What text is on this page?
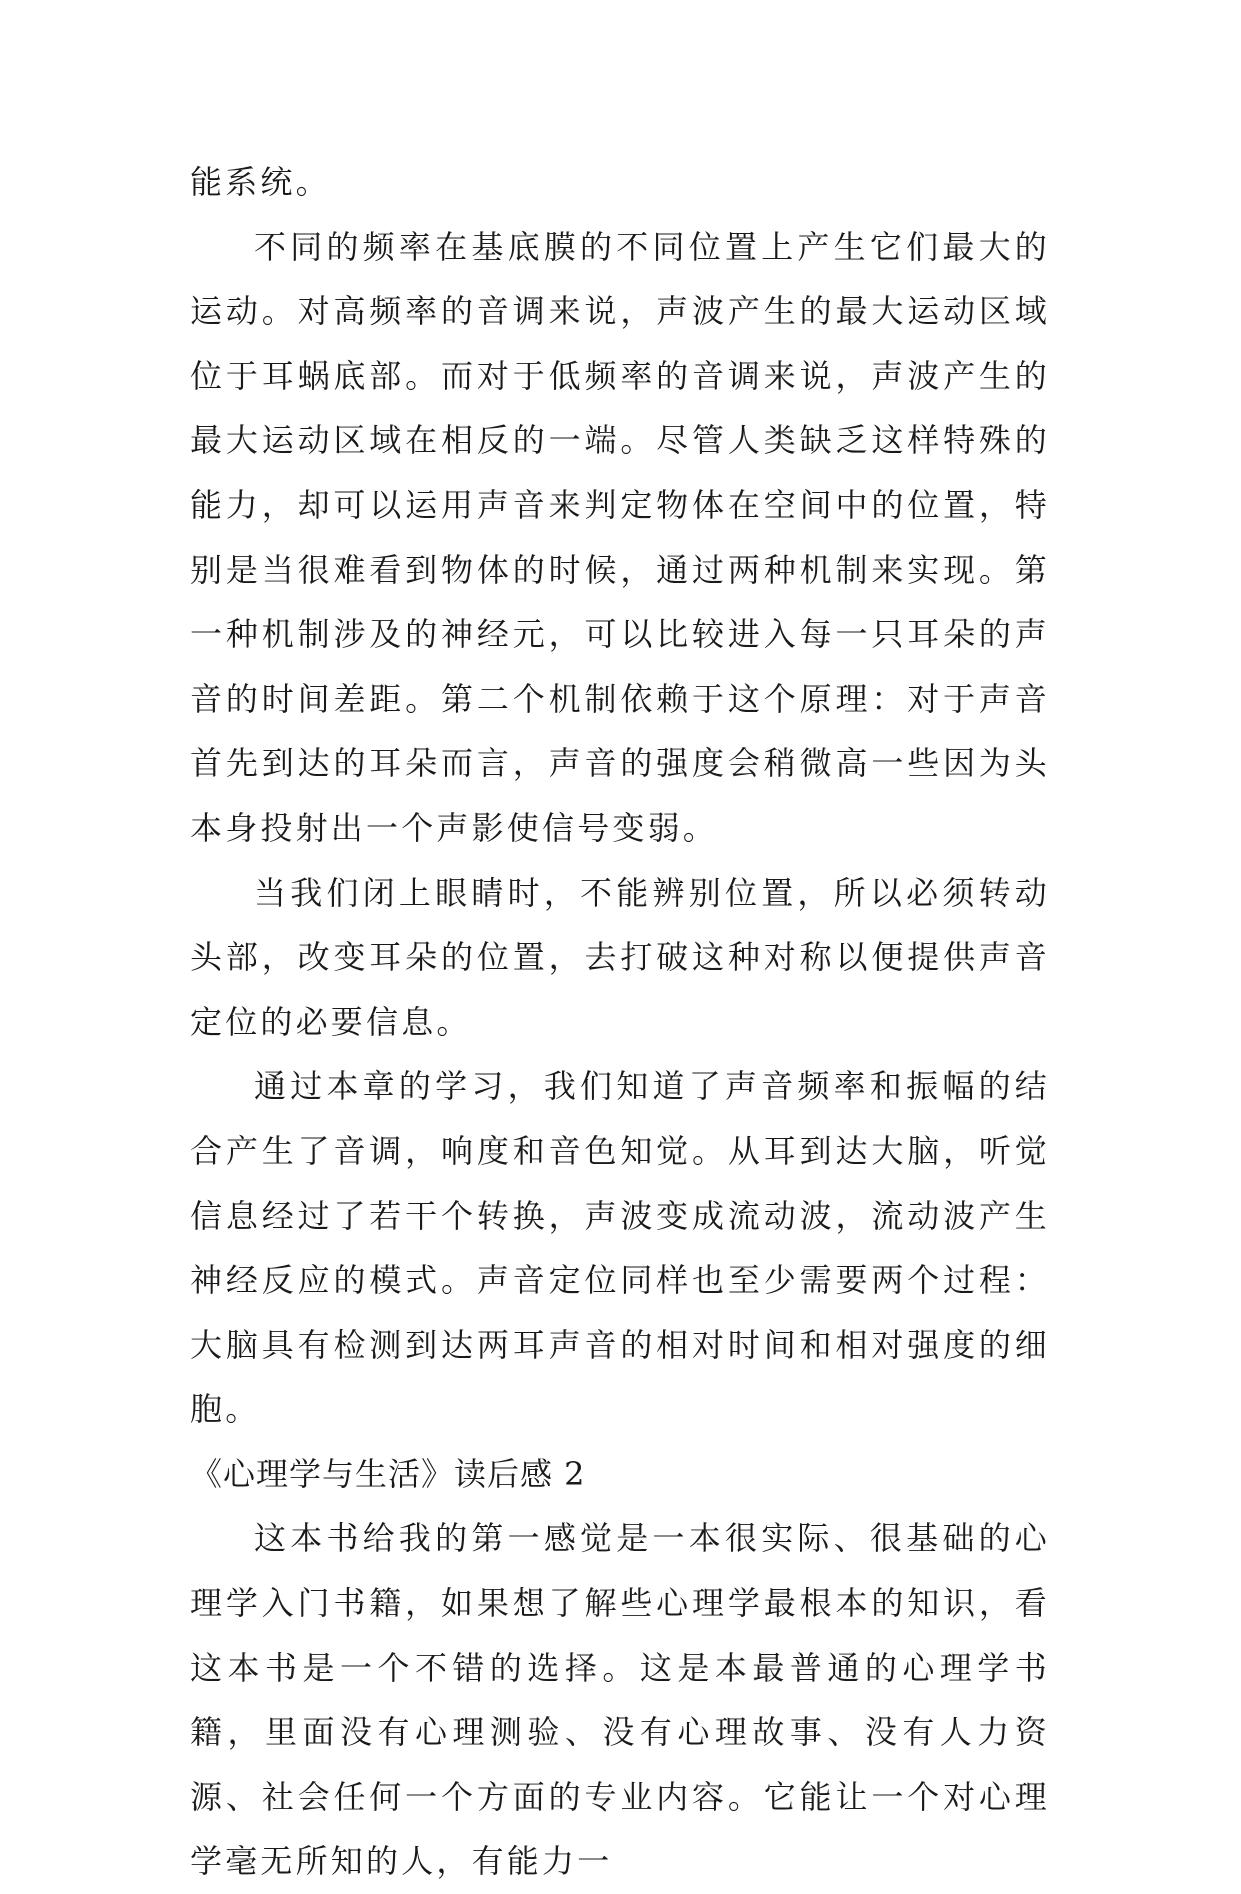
能系统。

不同的频率在基底膜的不同位置上产生它们最大的运动。对高频率的音调来说，声波产生的最大运动区域位于耳蜗底部。而对于低频率的音调来说，声波产生的最大运动区域在相反的一端。尽管人类缺乏这样特殊的能力，却可以运用声音来判定物体在空间中的位置，特别是当很难看到物体的时候，通过两种机制来实现。第一种机制涉及的神经元，可以比较进入每一只耳朵的声音的时间差距。第二个机制依赖于这个原理：对于声音首先到达的耳朵而言，声音的强度会稍微高一些因为头本身投射出一个声影使信号变弱。

当我们闭上眼睛时，不能辨别位置，所以必须转动头部，改变耳朵的位置，去打破这种对称以便提供声音定位的必要信息。

通过本章的学习，我们知道了声音频率和振幅的结合产生了音调，响度和音色知觉。从耳到达大脑，听觉信息经过了若干个转换，声波变成流动波，流动波产生神经反应的模式。声音定位同样也至少需要两个过程：大脑具有检测到达两耳声音的相对时间和相对强度的细胞。

《心理学与生活》读后感 2

这本书给我的第一感觉是一本很实际、很基础的心理学入门书籍，如果想了解些心理学最根本的知识，看这本书是一个不错的选择。这是本最普通的心理学书籍，里面没有心理测验、没有心理故事、没有人力资源、社会任何一个方面的专业内容。它能让一个对心理学毫无所知的人，有能力一
